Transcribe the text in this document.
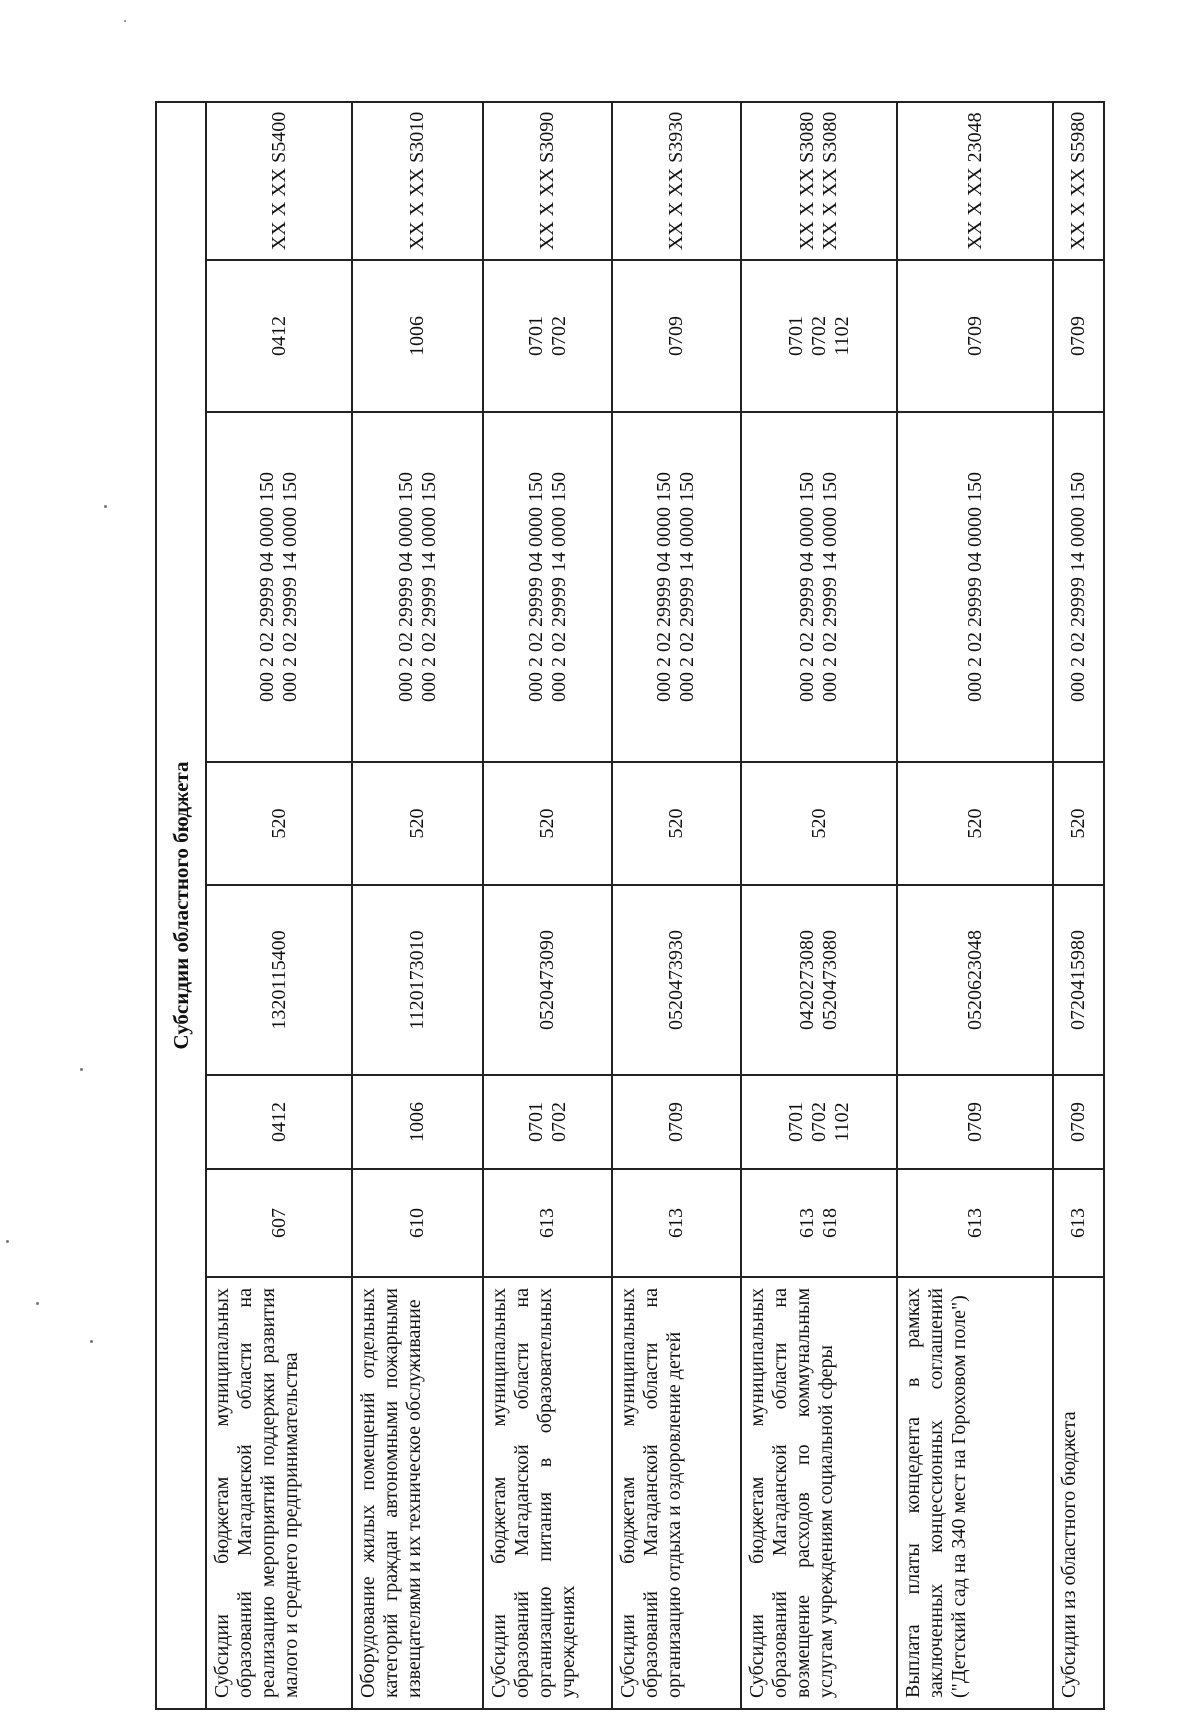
Субсидии областного бюджета							
Субсидии бюджетам муниципальных образований Магаданской области на реализацию мероприятий поддержки развития малого и среднего предпринимательства	607	0412	1320115400	520	000 2 02 29999 04 0000 150 000 2 02 29999 14 0000 150	0412	XX X XX S5400

Оборудование жилых помещений отдельных категорий граждан автономными пожарными извещателями и их техническое обслуживание	610	1006	1120173010	520	000 2 02 29999 04 0000 150 000 2 02 29999 14 0000 150	1006	XX X XX S3010

Субсидии бюджетам муниципальных образований Магаданской области на организацию питания в образовательных учреждениях	613	0701 0702	0520473090	520	000 2 02 29999 04 0000 150 000 2 02 29999 14 0000 150	0701 0702	XX X XX S3090

Субсидии бюджетам муниципальных образований Магаданской области на организацию отдыха и оздоровление детей	613	0709	0520473930	520	000 2 02 29999 04 0000 150 000 2 02 29999 14 0000 150	0709	XX X XX S3930

Субсидии бюджетам муниципальных образований Магаданской области на возмещение расходов по коммунальным услугам учреждениям социальной сферы	613 618	0701 0702 1102	0420273080 0520473080	520	000 2 02 29999 04 0000 150 000 2 02 29999 14 0000 150	0701 0702 1102	XX X XX S3080 XX X XX S3080

Выплата платы концедента в рамках заключенных концессионных соглашений ("Детский сад на 340 мест на Гороховом поле")	613	0709	0520623048	520	000 2 02 29999 04 0000 150	0709	XX X XX 23048

Субсидии из областного бюджета	613	0709	0720415980	520	000 2 02 29999 14 0000 150	0709	XX X XX S5980
